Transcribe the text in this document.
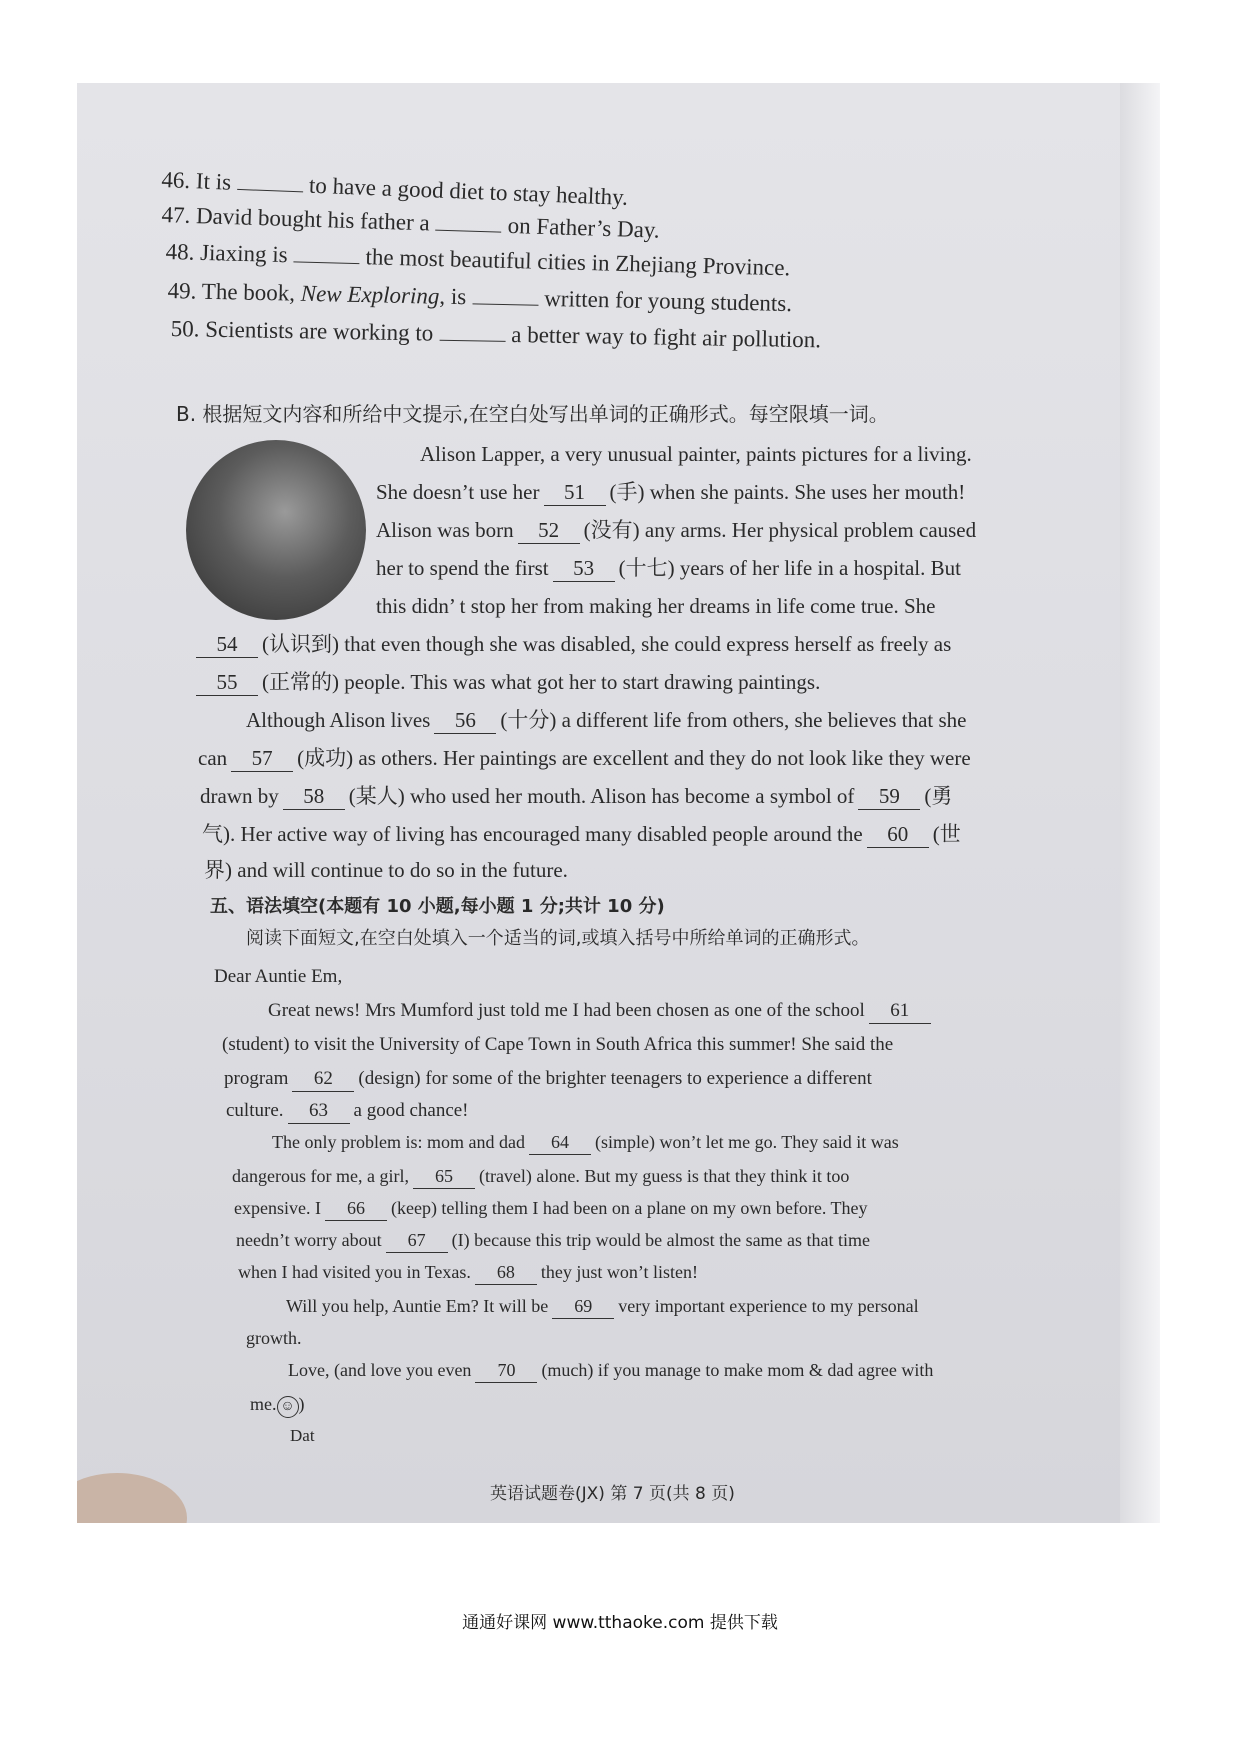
46. It is	to have a good diet to stay healthy.
47. David bought his father a	on Father’s Day.
48. Jiaxing is	the most beautiful cities in Zhejiang Province.
49. The book, New Exploring, is	written for young students.
50. Scientists are working to	a better way to fight air pollution.
B. 根据短文内容和所给中文提示,在空白处写出单词的正确形式。每空限填一词。
Alison Lapper, a very unusual painter, paints pictures for a living.
She doesn’t use her 51 (手) when she paints. She uses her mouth!
Alison was born 52 (没有) any arms. Her physical problem caused
her to spend the first 53 (十七) years of her life in a hospital. But
this didn’ t stop her from making her dreams in life come true. She
54 (认识到) that even though she was disabled, she could express herself as freely as
55 (正常的) people. This was what got her to start drawing paintings.
Although Alison lives 56 (十分) a different life from others, she believes that she
can 57 (成功) as others. Her paintings are excellent and they do not look like they were
drawn by 58 (某人) who used her mouth. Alison has become a symbol of 59 (勇
气). Her active way of living has encouraged many disabled people around the 60 (世
界) and will continue to do so in the future.
五、语法填空(本题有 10 小题,每小题 1 分;共计 10 分)
阅读下面短文,在空白处填入一个适当的词,或填入括号中所给单词的正确形式。
Dear Auntie Em,
Great news! Mrs Mumford just told me I had been chosen as one of the school 61
(student) to visit the University of Cape Town in South Africa this summer! She said the
program 62 (design) for some of the brighter teenagers to experience a different
culture. 63 a good chance!
The only problem is: mom and dad 64 (simple) won’t let me go. They said it was
dangerous for me, a girl, 65 (travel) alone. But my guess is that they think it too
expensive. I 66 (keep) telling them I had been on a plane on my own before. They
needn’t worry about 67 (I) because this trip would be almost the same as that time
when I had visited you in Texas. 68 they just won’t listen!
Will you help, Auntie Em? It will be 69 very important experience to my personal
growth.
Love, (and love you even 70 (much) if you manage to make mom & dad agree with
me. ☺ )
Dat
英语试题卷(JX) 第 7 页(共 8 页)
通通好课网 www.tthaoke.com 提供下载
